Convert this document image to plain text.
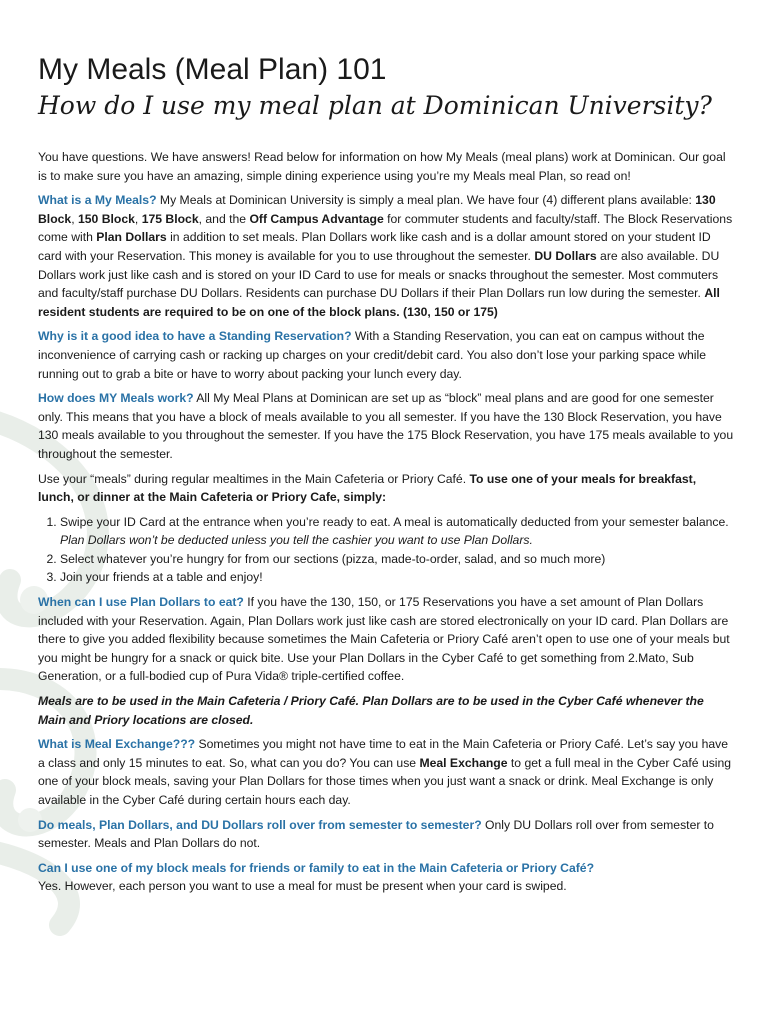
My Meals (Meal Plan) 101
How do I use my meal plan at Dominican University?

You have questions. We have answers! Read below for information on how My Meals (meal plans) work at Dominican. Our goal is to make sure you have an amazing, simple dining experience using you’re my Meals meal Plan, so read on!

What is a My Meals? My Meals at Dominican University is simply a meal plan. We have four (4) different plans available: 130 Block, 150 Block, 175 Block, and the Off Campus Advantage for commuter students and faculty/staff. The Block Reservations come with Plan Dollars in addition to set meals. Plan Dollars work like cash and is a dollar amount stored on your student ID card with your Reservation. This money is available for you to use throughout the semester. DU Dollars are also available. DU Dollars work just like cash and is stored on your ID Card to use for meals or snacks throughout the semester. Most commuters and faculty/staff purchase DU Dollars. Residents can purchase DU Dollars if their Plan Dollars run low during the semester. All resident students are required to be on one of the block plans. (130, 150 or 175)

Why is it a good idea to have a Standing Reservation? With a Standing Reservation, you can eat on campus without the inconvenience of carrying cash or racking up charges on your credit/debit card. You also don’t lose your parking space while running out to grab a bite or have to worry about packing your lunch every day.

How does MY Meals work? All My Meal Plans at Dominican are set up as “block” meal plans and are good for one semester only. This means that you have a block of meals available to you all semester. If you have the 130 Block Reservation, you have 130 meals available to you throughout the semester. If you have the 175 Block Reservation, you have 175 meals available to you throughout the semester.

Use your “meals” during regular mealtimes in the Main Cafeteria or Priory Café. To use one of your meals for breakfast, lunch, or dinner at the Main Cafeteria or Priory Cafe, simply:

1. Swipe your ID Card at the entrance when you’re ready to eat. A meal is automatically deducted from your semester balance. Plan Dollars won’t be deducted unless you tell the cashier you want to use Plan Dollars.
2. Select whatever you’re hungry for from our sections (pizza, made-to-order, salad, and so much more)
3. Join your friends at a table and enjoy!

When can I use Plan Dollars to eat? If you have the 130, 150, or 175 Reservations you have a set amount of Plan Dollars included with your Reservation. Again, Plan Dollars work just like cash are stored electronically on your ID card. Plan Dollars are there to give you added flexibility because sometimes the Main Cafeteria or Priory Café aren’t open to use one of your meals but you might be hungry for a snack or quick bite. Use your Plan Dollars in the Cyber Café to get something from 2.Mato, Sub Generation, or a full-bodied cup of Pura Vida® triple-certified coffee.

Meals are to be used in the Main Cafeteria / Priory Café. Plan Dollars are to be used in the Cyber Café whenever the Main and Priory locations are closed.

What is Meal Exchange??? Sometimes you might not have time to eat in the Main Cafeteria or Priory Café. Let’s say you have a class and only 15 minutes to eat. So, what can you do? You can use Meal Exchange to get a full meal in the Cyber Café using one of your block meals, saving your Plan Dollars for those times when you just want a snack or drink. Meal Exchange is only available in the Cyber Café during certain hours each day.

Do meals, Plan Dollars, and DU Dollars roll over from semester to semester? Only DU Dollars roll over from semester to semester. Meals and Plan Dollars do not.

Can I use one of my block meals for friends or family to eat in the Main Cafeteria or Priory Café?
Yes. However, each person you want to use a meal for must be present when your card is swiped.
